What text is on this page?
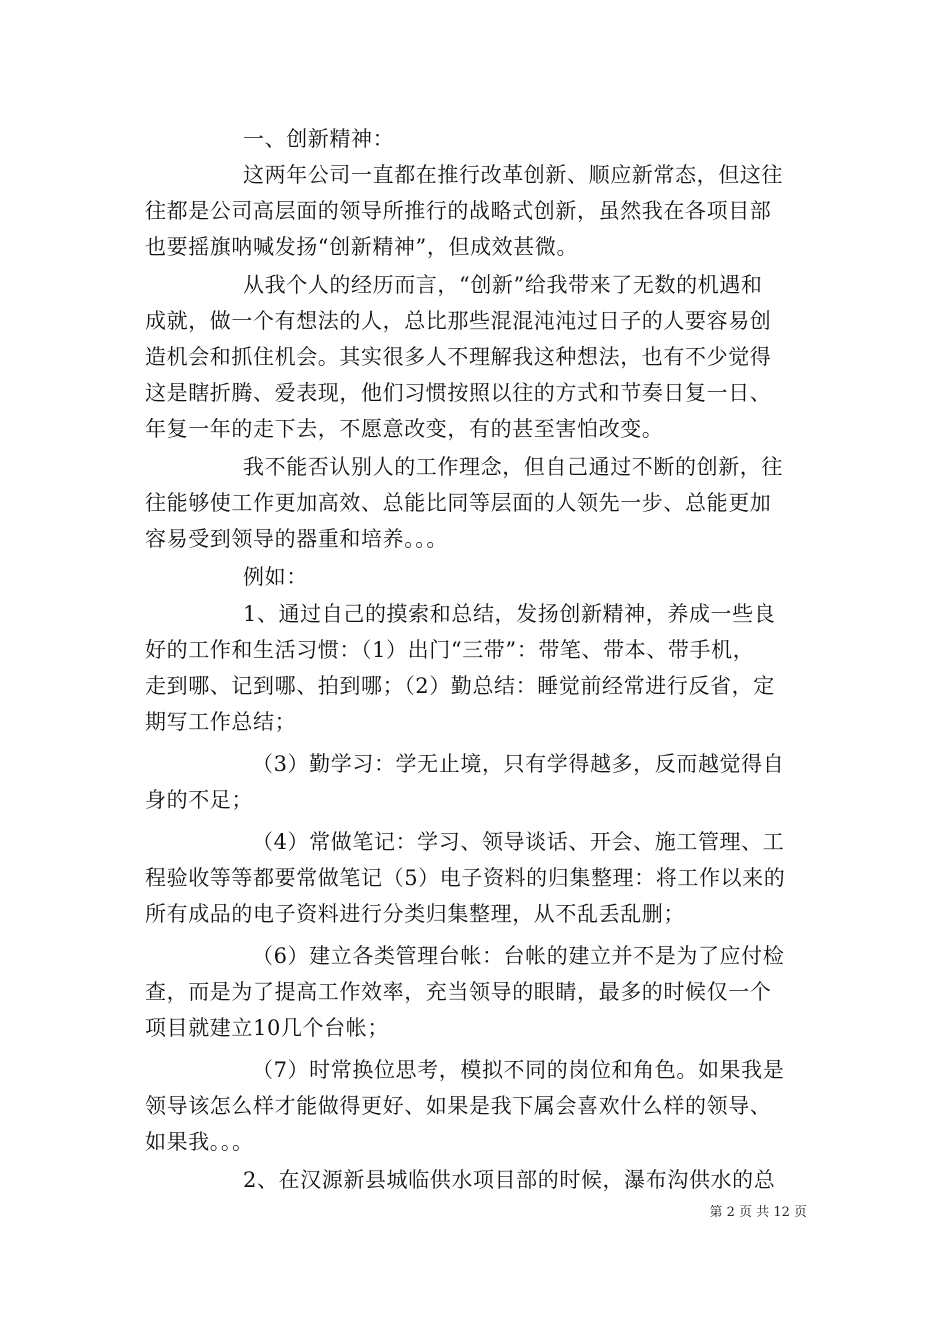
一、创新精神：
这两年公司一直都在推行改革创新、顺应新常态，但这往
往都是公司高层面的领导所推行的战略式创新，虽然我在各项目部
也要摇旗呐喊发扬“创新精神”，但成效甚微。
从我个人的经历而言，“创新”给我带来了无数的机遇和
成就，做一个有想法的人，总比那些混混沌沌过日子的人要容易创
造机会和抓住机会。其实很多人不理解我这种想法，也有不少觉得
这是瞎折腾、爱表现，他们习惯按照以往的方式和节奏日复一日、
年复一年的走下去，不愿意改变，有的甚至害怕改变。
我不能否认别人的工作理念，但自己通过不断的创新，往
往能够使工作更加高效、总能比同等层面的人领先一步、总能更加
容易受到领导的器重和培养。。。
例如：
1、通过自己的摸索和总结，发扬创新精神，养成一些良
好的工作和生活习惯：（1）出门“三带”：带笔、带本、带手机，
走到哪、记到哪、拍到哪；（2）勤总结：睡觉前经常进行反省，定
期写工作总结；
（3）勤学习：学无止境，只有学得越多，反而越觉得自
身的不足；
（4）常做笔记：学习、领导谈话、开会、施工管理、工
程验收等等都要常做笔记（5）电子资料的归集整理：将工作以来的
所有成品的电子资料进行分类归集整理，从不乱丢乱删；
（6）建立各类管理台帐：台帐的建立并不是为了应付检
查，而是为了提高工作效率，充当领导的眼睛，最多的时候仅一个
项目就建立10几个台帐；
（7）时常换位思考，模拟不同的岗位和角色。如果我是
领导该怎么样才能做得更好、如果是我下属会喜欢什么样的领导、
如果我。。。
2、在汉源新县城临供水项目部的时候，瀑布沟供水的总
第 2 页 共 12 页
